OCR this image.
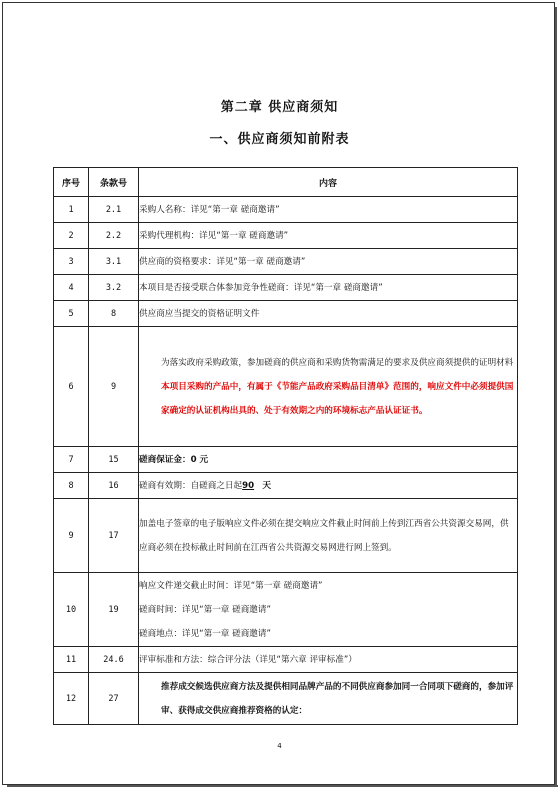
第二章 供应商须知
一、供应商须知前附表
序号	条款号	内容
1	2.1	采购人名称：详见“第一章 磋商邀请”

2	2.2	采购代理机构：详见“第一章 磋商邀请”

3	3.1	供应商的资格要求：详见“第一章 磋商邀请”

4	3.2	本项目是否接受联合体参加竞争性磋商：详见“第一章 磋商邀请”

5	8	供应商应当提交的资格证明文件

6	9	为落实政府采购政策，参加磋商的供应商和采购货物需满足的要求及供应商须提供的证明材料
本项目采购的产品中，有属于《节能产品政府采购品目清单》范围的，响应文件中必须提供国家确定的认证机构出具的、处于有效期之内的环境标志产品认证证书。

7	15	磋商保证金：0 元

8	16	磋商有效期：自磋商之日起90 天

9	17	加盖电子签章的电子版响应文件必须在提交响应文件截止时间前上传到江西省公共资源交易网，供应商必须在投标截止时间前在江西省公共资源交易网进行网上签到。

10	19	响应文件递交截止时间：详见“第一章 磋商邀请”
磋商时间：详见“第一章 磋商邀请”
磋商地点：详见“第一章 磋商邀请”

11	24.6	评审标准和方法：综合评分法（详见“第六章 评审标准”）

12	27	推荐成交候选供应商方法及提供相同品牌产品的不同供应商参加同一合同项下磋商的，参加评审、获得成交供应商推荐资格的认定：
4
